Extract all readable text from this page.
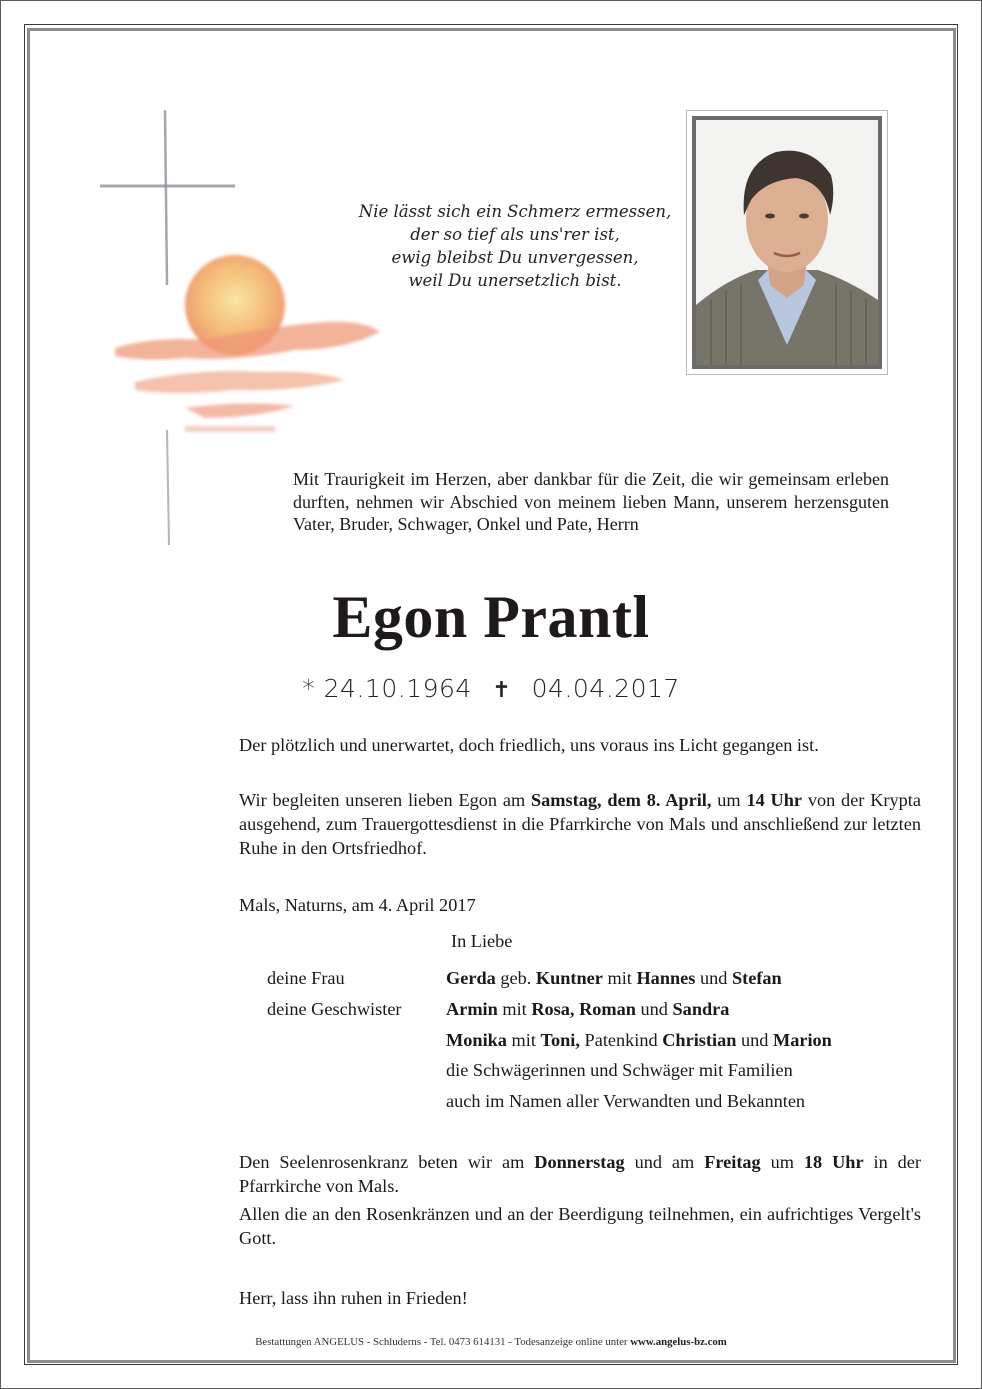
Nie lässt sich ein Schmerz ermessen,
der so tief als uns'rer ist,
ewig bleibst Du unvergessen,
weil Du unersetzlich bist.
Mit Traurigkeit im Herzen, aber dankbar für die Zeit, die wir gemeinsam erleben durften, nehmen wir Abschied von meinem lieben Mann, unserem herzensguten Vater, Bruder, Schwager, Onkel und Pate, Herrn
Egon Prantl
* 24.10.1964 ✝ 04.04.2017
Der plötzlich und unerwartet, doch friedlich, uns voraus ins Licht gegangen ist.
Wir begleiten unseren lieben Egon am Samstag, dem 8. April, um 14 Uhr von der Krypta ausgehend, zum Trauergottesdienst in die Pfarrkirche von Mals und anschließend zur letzten Ruhe in den Ortsfriedhof.
Mals, Naturns, am 4. April 2017
In Liebe
deine Frau	Gerda geb. Kuntner mit Hannes und Stefan
deine Geschwister Armin mit Rosa, Roman und Sandra
Monika mit Toni, Patenkind Christian und Marion
die Schwägerinnen und Schwäger mit Familien
auch im Namen aller Verwandten und Bekannten
Den Seelenrosenkranz beten wir am Donnerstag und am Freitag um 18 Uhr in der Pfarrkirche von Mals.
Allen die an den Rosenkränzen und an der Beerdigung teilnehmen, ein aufrichtiges Vergelt's Gott.
Herr, lass ihn ruhen in Frieden!
Bestattungen ANGELUS - Schluderns - Tel. 0473 614131 - Todesanzeige online unter www.angelus-bz.com
